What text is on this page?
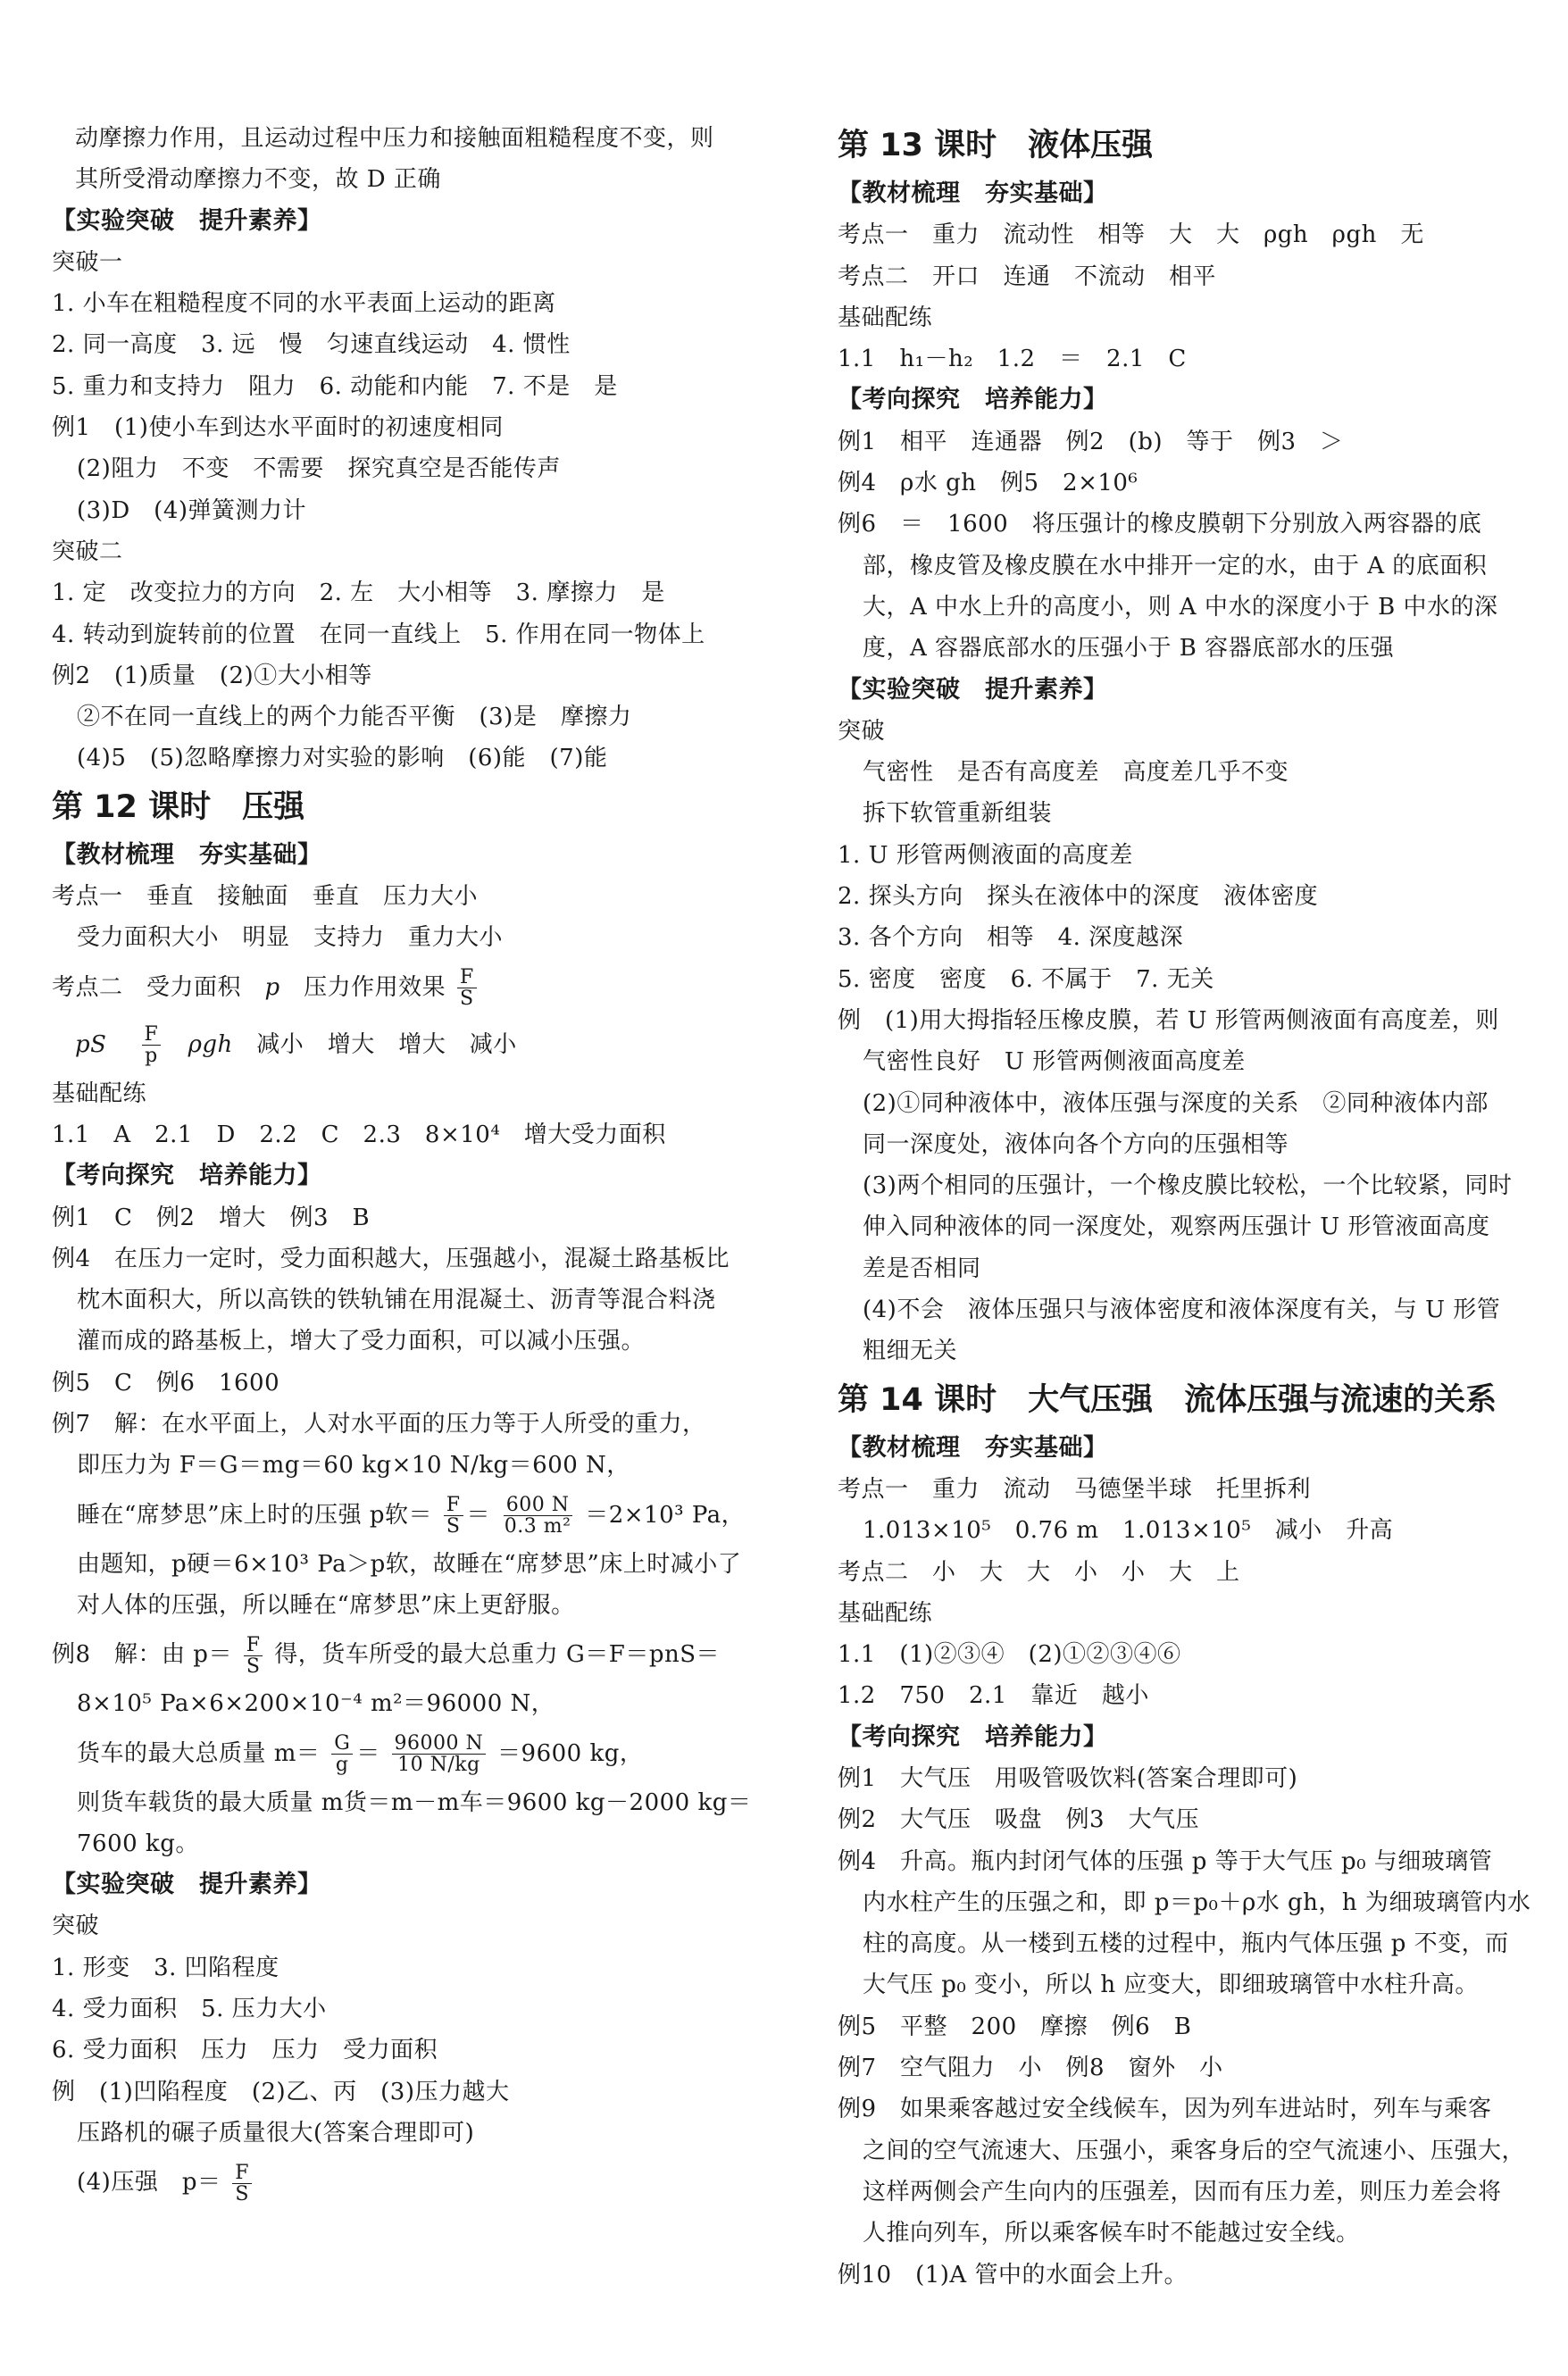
动摩擦力作用，且运动过程中压力和接触面粗糙程度不变，则
其所受滑动摩擦力不变，故 D 正确
【实验突破　提升素养】
突破一
1. 小车在粗糙程度不同的水平表面上运动的距离
2. 同一高度　3. 远　慢　匀速直线运动　4. 惯性
5. 重力和支持力　阻力　6. 动能和内能　7. 不是　是
例1　(1)使小车到达水平面时的初速度相同
(2)阻力　不变　不需要　探究真空是否能传声
(3)D　(4)弹簧测力计
突破二
1. 定　改变拉力的方向　2. 左　大小相等　3. 摩擦力　是
4. 转动到旋转前的位置　在同一直线上　5. 作用在同一物体上
例2　(1)质量　(2)①大小相等
②不在同一直线上的两个力能否平衡　(3)是　摩擦力
(4)5　(5)忽略摩擦力对实验的影响　(6)能　(7)能
第 12 课时　压强
【教材梳理　夯实基础】
考点一　垂直　接触面　垂直　压力大小
受力面积大小　明显　支持力　重力大小
考点二　受力面积　p　压力作用效果 $\frac{F}{S}$
pS $\frac{F}{p}$ ρgh　减小　增大　增大　减小
基础配练
1.1　A　2.1　D　2.2　C　2.3　8×10⁴　增大受力面积
【考向探究　培养能力】
例1　C　例2　增大　例3　B
例4　在压力一定时，受力面积越大，压强越小，混凝土路基板比
枕木面积大，所以高铁的铁轨铺在用混凝土、沥青等混合料浇
灌而成的路基板上，增大了受力面积，可以减小压强。
例5　C　例6　1600
例7　解：在水平面上，人对水平面的压力等于人所受的重力，
即压力为 F＝G＝mg＝60 kg×10 N/kg＝600 N，
睡在“席梦思”床上时的压强 p软＝ $\frac{F}{S} = \frac{600 N}{\text{0.3 m²}} =2\times 10^3$ Pa，
由题知，p硬＝6×10³ Pa＞p软，故睡在“席梦思”床上时减小了
对人体的压强，所以睡在“席梦思”床上更舒服。
例8　解：由 $p= \frac{F}{S}$ 得，货车所受的最大总重力 G＝F＝pnS＝
8×10⁵ Pa×6×200×10⁻⁴ m²＝96000 N，
货车的最大总质量 $m= \frac{G}{g} = \frac{96000 N}{10 N/kg} =9600$ kg，
则货车载货的最大质量 m货＝m－m车＝9600 kg－2000 kg＝
7600 kg。
【实验突破　提升素养】
突破
1. 形变　3. 凹陷程度
4. 受力面积　5. 压力大小
6. 受力面积　压力　压力　受力面积
例　(1)凹陷程度　(2)乙、丙　(3)压力越大
压路机的碾子质量很大(答案合理即可)
(4)压强　$p= \frac{F}{S}$
第 13 课时　液体压强
【教材梳理　夯实基础】
考点一　重力　流动性　相等　大　大　ρgh　ρgh　无
考点二　开口　连通　不流动　相平
基础配练
1.1　h₁－h₂　1.2　＝　2.1　C
【考向探究　培养能力】
例1　相平　连通器　例2　(b)　等于　例3　＞
例4　ρ水 gh　例5　2×10⁶
例6　＝　1600　将压强计的橡皮膜朝下分别放入两容器的底
部，橡皮管及橡皮膜在水中排开一定的水，由于 A 的底面积
大，A 中水上升的高度小，则 A 中水的深度小于 B 中水的深
度，A 容器底部水的压强小于 B 容器底部水的压强
【实验突破　提升素养】
突破
气密性　是否有高度差　高度差几乎不变
拆下软管重新组装
1. U 形管两侧液面的高度差
2. 探头方向　探头在液体中的深度　液体密度
3. 各个方向　相等　4. 深度越深
5. 密度　密度　6. 不属于　7. 无关
例　(1)用大拇指轻压橡皮膜，若 U 形管两侧液面有高度差，则
气密性良好　U 形管两侧液面高度差
(2)①同种液体中，液体压强与深度的关系　②同种液体内部
同一深度处，液体向各个方向的压强相等
(3)两个相同的压强计，一个橡皮膜比较松，一个比较紧，同时
伸入同种液体的同一深度处，观察两压强计 U 形管液面高度
差是否相同
(4)不会　液体压强只与液体密度和液体深度有关，与 U 形管
粗细无关
第 14 课时　大气压强　流体压强与流速的关系
【教材梳理　夯实基础】
考点一　重力　流动　马德堡半球　托里拆利
1.013×10⁵　0.76 m　1.013×10⁵　减小　升高
考点二　小　大　大　小　小　大　上
基础配练
1.1　(1)②③④　(2)①②③④⑥
1.2　750　2.1　靠近　越小
【考向探究　培养能力】
例1　大气压　用吸管吸饮料(答案合理即可)
例2　大气压　吸盘　例3　大气压
例4　升高。瓶内封闭气体的压强 p 等于大气压 p₀ 与细玻璃管
内水柱产生的压强之和，即 p＝p₀＋ρ水 gh，h 为细玻璃管内水
柱的高度。从一楼到五楼的过程中，瓶内气体压强 p 不变，而
大气压 p₀ 变小，所以 h 应变大，即细玻璃管中水柱升高。
例5　平整　200　摩擦　例6　B
例7　空气阻力　小　例8　窗外　小
例9　如果乘客越过安全线候车，因为列车进站时，列车与乘客
之间的空气流速大、压强小，乘客身后的空气流速小、压强大，
这样两侧会产生向内的压强差，因而有压力差，则压力差会将
人推向列车，所以乘客候车时不能越过安全线。
例10　(1)A 管中的水面会上升。
